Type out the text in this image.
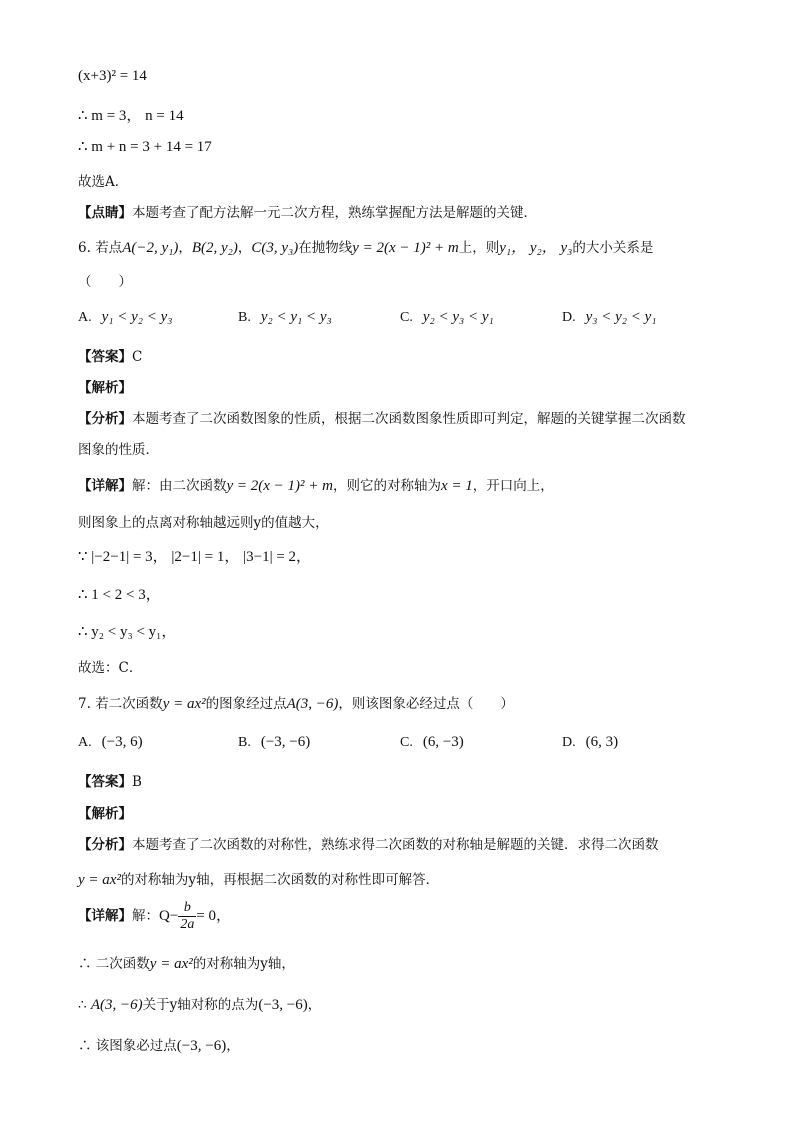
(x+3)² = 14
∴ m = 3， n = 14
∴ m + n = 3 + 14 = 17
故选A．
【点睛】本题考查了配方法解一元二次方程，熟练掌握配方法是解题的关键．
6. 若点A(−2, y₁)，B(2, y₂)，C(3, y₃)在抛物线y = 2(x − 1)² + m上，则y₁， y₂， y₃的大小关系是
（　　）
A. y₁ < y₂ < y₃	B. y₂ < y₁ < y₃	C. y₂ < y₃ < y₁	D. y₃ < y₂ < y₁
【答案】C
【解析】
【分析】本题考查了二次函数图象的性质，根据二次函数图象性质即可判定，解题的关键掌握二次函数
图象的性质．
【详解】解：由二次函数y = 2(x − 1)² + m，则它的对称轴为x = 1，开口向上，
则图象上的点离对称轴越远则y的值越大，
∵ |−2−1| = 3， |2−1| = 1， |3−1| = 2，
∴ 1 < 2 < 3，
∴ y₂ < y₃ < y₁，
故选：C．
7. 若二次函数y = ax²的图象经过点A(3, −6)，则该图象必经过点（　　）
A. (−3, 6)	B. (−3, −6)	C. (6, −3)	D. (6, 3)
【答案】B
【解析】
【分析】本题考查了二次函数的对称性，熟练求得二次函数的对称轴是解题的关键．求得二次函数
y = ax²的对称轴为y轴，再根据二次函数的对称性即可解答．
【详解】解：$Q- \frac{b}{2a} = 0$，
∴ 二次函数y = ax²的对称轴为y轴，
∴ A(3, −6)关于y轴对称的点为(−3, −6)，
∴ 该图象必过点(−3, −6)，
